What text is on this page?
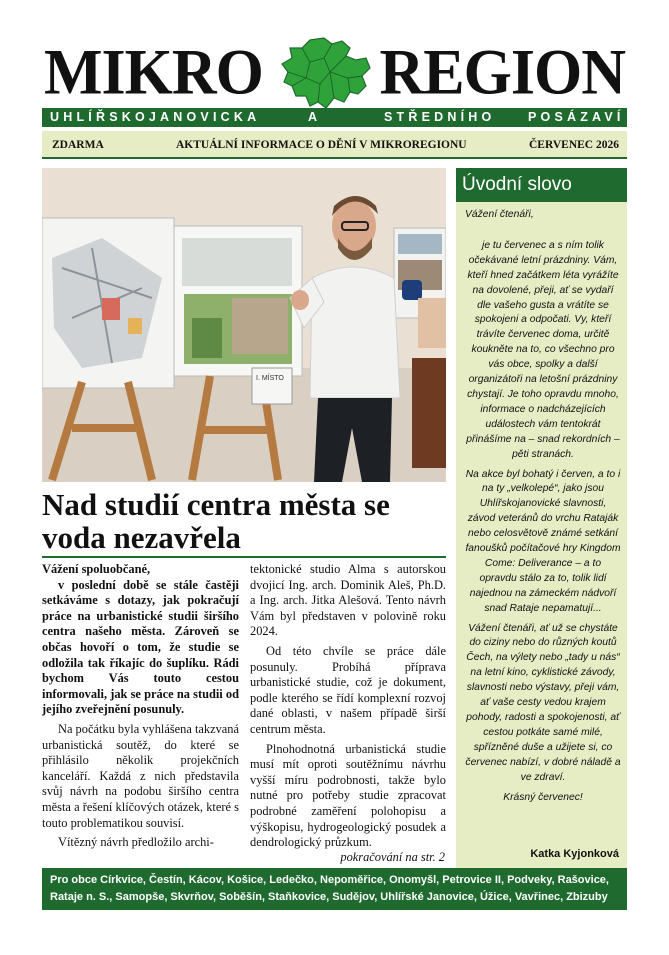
MIKRO REGION
UHLÍŘSKOJANOVICKA	A	STŘEDNÍHO	POSÁZAVÍ
ZDARMA	AKTUÁLNÍ INFORMACE O DĚNÍ V MIKROREGIONU	ČERVENEC 2026
I. MÍSTO
Nad studií centra města se
voda nezavřela

Vážení spoluobčané,

v poslední době se stále častěji setkáváme s dotazy, jak pokračují práce na urbanistické studii širšího centra našeho města. Zároveň se občas hovoří o tom, že studie se odložila tak říkajíc do šuplíku. Rádi bychom Vás touto cestou informovali, jak se práce na studii od jejího zveřejnění posunuly.

Na počátku byla vyhlášena takzvaná urbanistická soutěž, do které se přihlásilo několik projekčních kanceláří. Každá z nich představila svůj návrh na podobu širšího centra města a řešení klíčových otázek, které s touto problematikou souvisí.

Vítězný návrh předložilo archi-

tektonické studio Alma s autorskou dvojicí Ing. arch. Dominik Aleš, Ph.D. a Ing. arch. Jitka Alešová. Tento návrh Vám byl představen v polovině roku 2024.

Od této chvíle se práce dále posunuly. Probíhá příprava urbanistické studie, což je dokument, podle kterého se řídí komplexní rozvoj dané oblasti, v našem případě širší centrum města.

Plnohodnotná urbanistická studie musí mít oproti soutěžnímu návrhu vyšší míru podrobnosti, takže bylo nutné pro potřeby studie zpracovat podrobné zaměření polohopisu a výškopisu, hydrogeologický posudek a dendrologický průzkum.

pokračování na str. 2
Úvodní slovo

Vážení čtenáři,

je tu červenec a s ním tolik očekávané letní prázdniny. Vám, kteří hned začátkem léta vyrážíte na dovolené, přeji, ať se vydaří dle vašeho gusta a vrátíte se spokojeni a odpočati. Vy, kteří trávíte červenec doma, určitě koukněte na to, co všechno pro vás obce, spolky a další organizátoři na letošní prázdniny chystají. Je toho opravdu mnoho, informace o nadcházejících událostech vám tentokrát přinášíme na – snad rekordních – pěti stranách.

Na akce byl bohatý i červen, a to i na ty „velkolepé“, jako jsou Uhlířskojanovické slavnosti, závod veteránů do vrchu Rataják nebo celosvětově známé setkání fanoušků počítačové hry Kingdom Come: Deliverance – a to opravdu stálo za to, tolik lidí najednou na zámeckém nádvoří snad Rataje nepamatují...

Vážení čtenáři, ať už se chystáte do ciziny nebo do různých koutů Čech, na výlety nebo „tady u nás“ na letní kino, cyklistické závody, slavnosti nebo výstavy, přeji vám, ať vaše cesty vedou krajem pohody, radosti a spokojenosti, ať cestou potkáte samé milé, spřízněné duše a užijete si, co červenec nabízí, v dobré náladě a ve zdraví.

Krásný červenec!

Katka Kyjonková
Pro obce Církvice, Čestín, Kácov, Košice, Ledečko, Nepoměřice, Onomyšl, Petrovice II, Podveky, Rašovice,
Rataje n. S., Samopše, Skvrňov, Soběšín, Staňkovice, Sudějov, Uhlířské Janovice, Úžice, Vavřinec, Zbizuby
